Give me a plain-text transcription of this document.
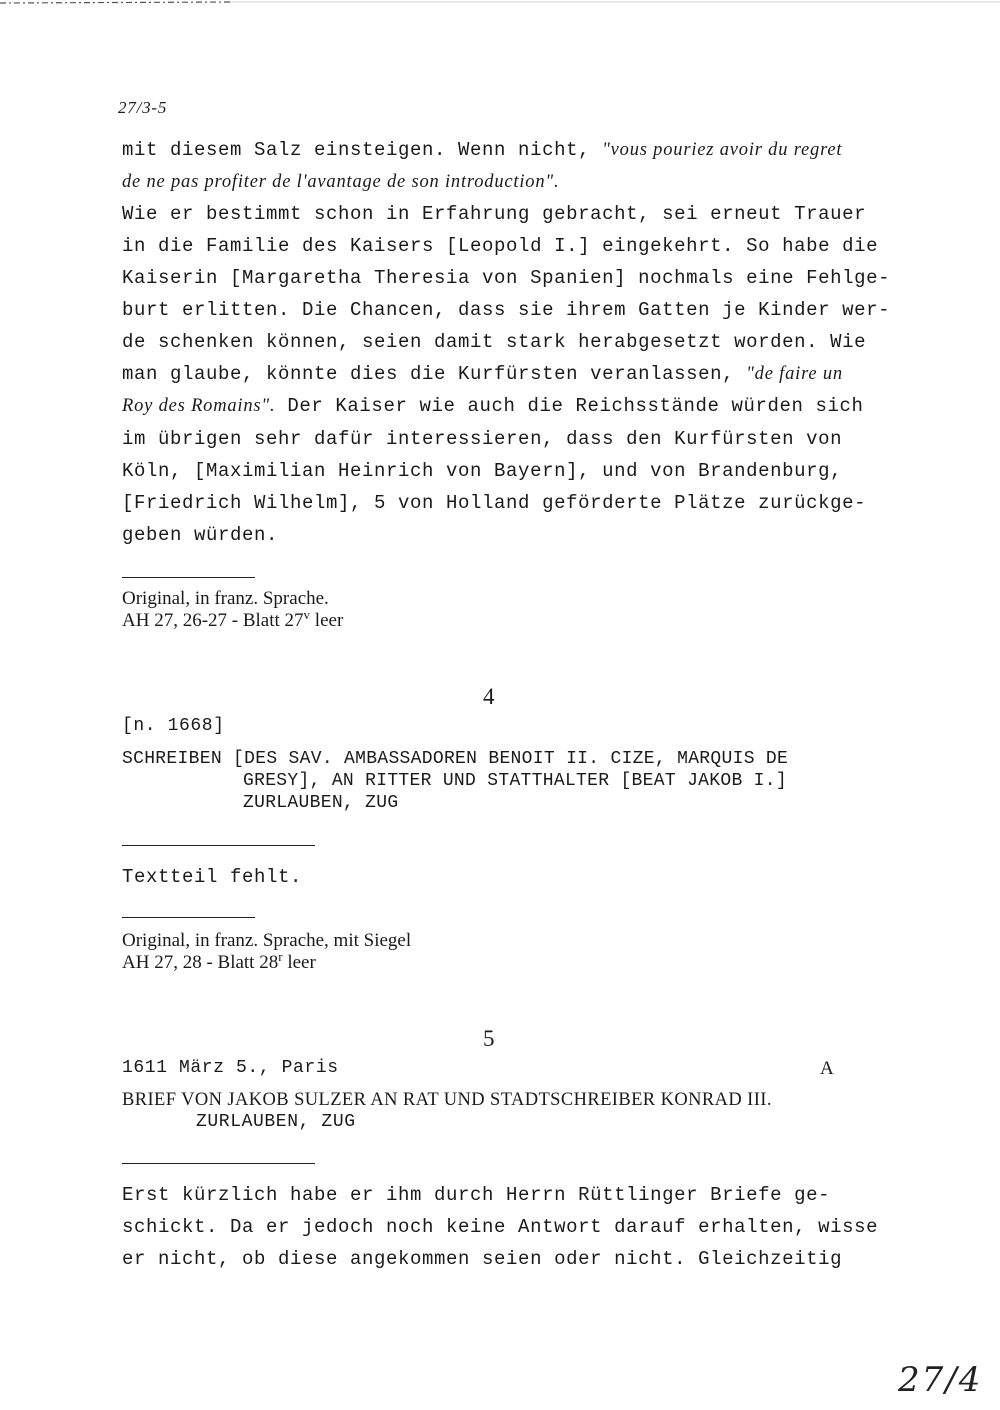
27/3-5
mit diesem Salz einsteigen. Wenn nicht, "vous pouriez avoir du regret
de ne pas profiter de l'avantage de son introduction".
Wie er bestimmt schon in Erfahrung gebracht, sei erneut Trauer
in die Familie des Kaisers [Leopold I.] eingekehrt. So habe die
Kaiserin [Margaretha Theresia von Spanien] nochmals eine Fehlge-
burt erlitten. Die Chancen, dass sie ihrem Gatten je Kinder wer-
de schenken können, seien damit stark herabgesetzt worden. Wie
man glaube, könnte dies die Kurfürsten veranlassen, "de faire un
Roy des Romains". Der Kaiser wie auch die Reichsstände würden sich
im übrigen sehr dafür interessieren, dass den Kurfürsten von
Köln, [Maximilian Heinrich von Bayern], und von Brandenburg,
[Friedrich Wilhelm], 5 von Holland geförderte Plätze zurückge-
geben würden.
Original, in franz. Sprache.
AH 27, 26-27 - Blatt 27$^v$ leer
4
[n. 1668]
SCHREIBEN [DES SAV. AMBASSADOREN BENOIT II. CIZE, MARQUIS DE
GRESY], AN RITTER UND STATTHALTER [BEAT JAKOB I.]
ZURLAUBEN, ZUG
Textteil fehlt.
Original, in franz. Sprache, mit Siegel
AH 27, 28 - Blatt 28$^r$ leer
5
1611 März 5., Paris	A
BRIEF VON JAKOB SULZER AN RAT UND STADTSCHREIBER KONRAD III.
ZURLAUBEN, ZUG
Erst kürzlich habe er ihm durch Herrn Rüttlinger Briefe ge-
schickt. Da er jedoch noch keine Antwort darauf erhalten, wisse
er nicht, ob diese angekommen seien oder nicht. Gleichzeitig
27/4
